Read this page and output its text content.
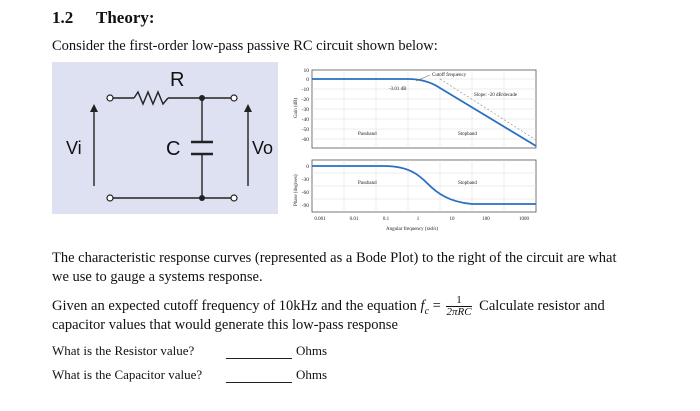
1.2 Theory:
Consider the first-order low-pass passive RC circuit shown below:
R
C
Vi	Vo
10
0
-10
-20
-30
-40
-50
-60
Gain (dB)
-3.01 dB
Cutoff frequency
Slope: -20 dB/decade
Passband	Stopband
0
-30
-60
-90
Phase (degrees)	Passband	Stopband
0.001	0.01	0.1	1	10	100	1000
Angular frequency (rad/s)
The characteristic response curves (represented as a Bode Plot) to the right of the circuit are what
we use to gauge a systems response.
Given an expected cutoff frequency of 10kHz and the equation $f_c = \frac{1}{\text{2πRC}}$ Calculate resistor and
capacitor values that would generate this low-pass response
What is the Resistor value?	Ohms
What is the Capacitor value?	Ohms
